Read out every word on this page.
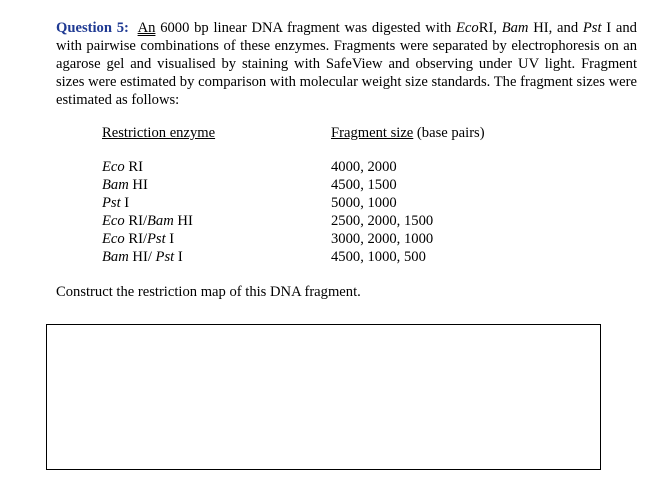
Question 5: An 6000 bp linear DNA fragment was digested with EcoRI, Bam HI, and Pst I and with pairwise combinations of these enzymes. Fragments were separated by electrophoresis on an agarose gel and visualised by staining with SafeView and observing under UV light. Fragment sizes were estimated by comparison with molecular weight size standards. The fragment sizes were estimated as follows:
Restriction enzyme	Fragment size (base pairs)
Eco RI	4000, 2000
Bam HI	4500, 1500
Pst I	5000, 1000
Eco RI/Bam HI	2500, 2000, 1500
Eco RI/Pst I	3000, 2000, 1000
Bam HI/ Pst I	4500, 1000, 500
Construct the restriction map of this DNA fragment.
